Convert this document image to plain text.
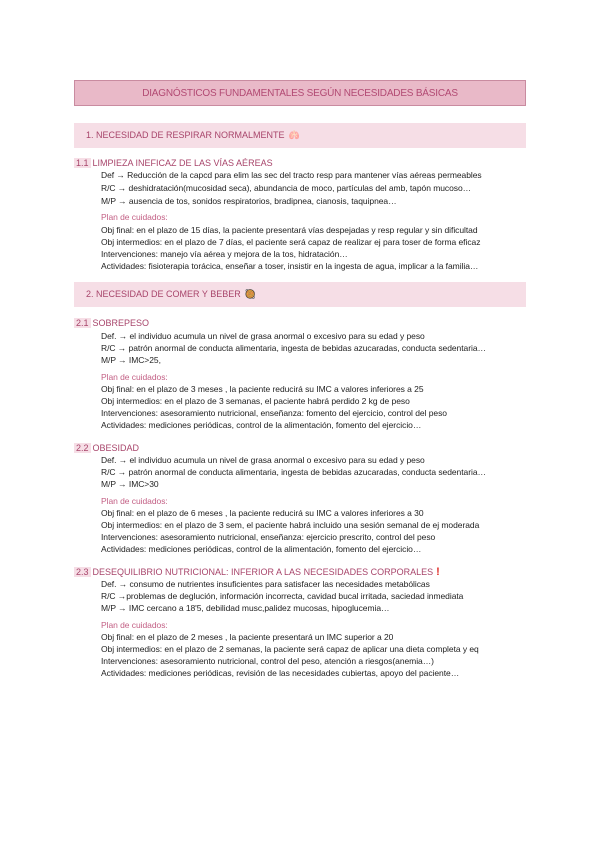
DIAGNÓSTICOS FUNDAMENTALES SEGÚN NECESIDADES BÁSICAS
1. NECESIDAD DE RESPIRAR NORMALMENTE 🫁
1.1 LIMPIEZA INEFICAZ DE LAS VÍAS AÉREAS
Def → Reducción de la capcd para elim las sec del tracto resp para mantener vías aéreas permeables
R/C → deshidratación(mucosidad seca), abundancia de moco, partículas del amb, tapón mucoso…
M/P → ausencia de tos, sonidos respiratorios, bradipnea, cianosis, taquipnea…
Plan de cuidados:
Obj final: en el plazo de 15 días, la paciente presentará vías despejadas y resp regular y sin dificultad
Obj intermedios: en el plazo de 7 días, el paciente será capaz de realizar ej para toser de forma eficaz
Intervenciones: manejo vía aérea y mejora de la tos, hidratación…
Actividades: fisioterapia torácica, enseñar a toser, insistir en la ingesta de agua, implicar a la familia…
2. NECESIDAD DE COMER Y BEBER 🥘
2.1 SOBREPESO
Def. → el individuo acumula un nivel de grasa anormal o excesivo para su edad y peso
R/C → patrón anormal de conducta alimentaria, ingesta de bebidas azucaradas, conducta sedentaria…
M/P → IMC>25,
Plan de cuidados:
Obj final: en el plazo de 3 meses , la paciente reducirá su IMC a valores inferiores a 25
Obj intermedios: en el plazo de 3 semanas, el paciente habrá perdido 2 kg de peso
Intervenciones: asesoramiento nutricional, enseñanza: fomento del ejercicio, control del peso
Actividades: mediciones periódicas, control de la alimentación, fomento del ejercicio…
2.2 OBESIDAD
Def. → el individuo acumula un nivel de grasa anormal o excesivo para su edad y peso
R/C → patrón anormal de conducta alimentaria, ingesta de bebidas azucaradas, conducta sedentaria…
M/P → IMC>30
Plan de cuidados:
Obj final: en el plazo de 6 meses , la paciente reducirá su IMC a valores inferiores a 30
Obj intermedios: en el plazo de 3 sem, el paciente habrá incluido una sesión semanal de ej moderada
Intervenciones: asesoramiento nutricional, enseñanza: ejercicio prescrito, control del peso
Actividades: mediciones periódicas, control de la alimentación, fomento del ejercicio…
2.3 DESEQUILIBRIO NUTRICIONAL: INFERIOR A LAS NECESIDADES CORPORALES !
Def. → consumo de nutrientes insuficientes para satisfacer las necesidades metabólicas
R/C →problemas de deglución, información incorrecta, cavidad bucal irritada, saciedad inmediata
M/P → IMC cercano a 18'5, debilidad musc,palidez mucosas, hipoglucemia…
Plan de cuidados:
Obj final: en el plazo de 2 meses , la paciente presentará un IMC superior a 20
Obj intermedios: en el plazo de 2 semanas, la paciente será capaz de aplicar una dieta completa y eq
Intervenciones: asesoramiento nutricional, control del peso, atención a riesgos(anemia…)
Actividades: mediciones periódicas, revisión de las necesidades cubiertas, apoyo del paciente…
